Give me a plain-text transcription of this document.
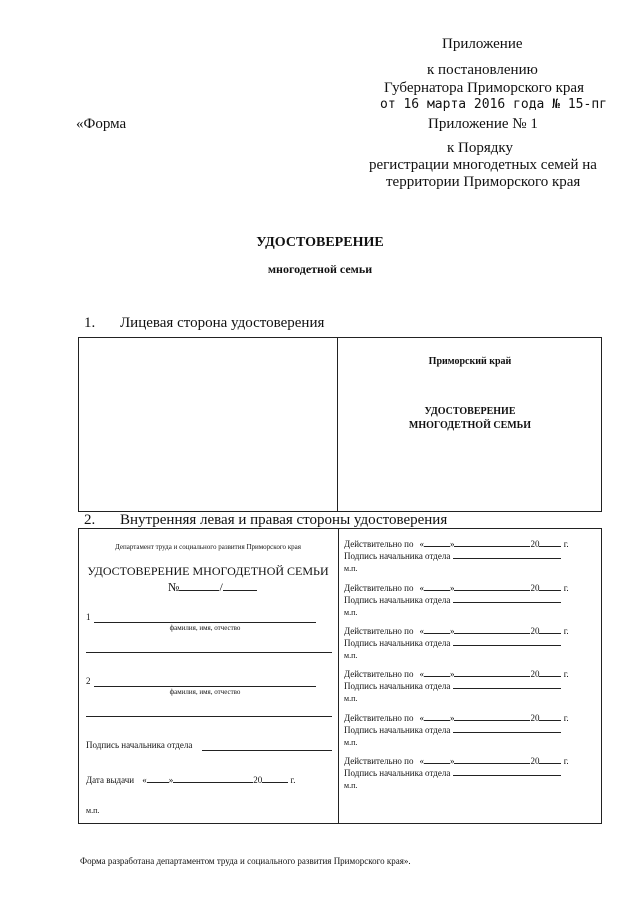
Приложение
к постановлению
Губернатора Приморского края
от 16 марта 2016 года № 15-пг
«Форма	Приложение № 1
к Порядку
регистрации многодетных семей на
территории Приморского края
УДОСТОВЕРЕНИЕ
многодетной семьи
1. Лицевая сторона удостоверения
Приморский край
УДОСТОВЕРЕНИЕ
МНОГОДЕТНОЙ СЕМЬИ
2. Внутренняя левая и правая стороны удостоверения
Департамент труда и социального развития Приморского края
УДОСТОВЕРЕНИЕ МНОГОДЕТНОЙ СЕМЬИ
№	/
1
фамилия, имя, отчество
2
фамилия, имя, отчество
Подпись начальника отдела
Дата выдачи « »	20	г.
м.п.
Действительно по «	»	20	г.
Подпись начальника отдела
м.п.
Действительно по «	»	20	г.
Подпись начальника отдела
м.п.
Действительно по «	»	20	г.
Подпись начальника отдела
м.п.
Действительно по «	»	20	г.
Подпись начальника отдела
м.п.
Действительно по «	»	20	г.
Подпись начальника отдела
м.п.
Действительно по «	»	20	г.
Подпись начальника отдела
м.п.
Форма разработана департаментом труда и социального развития Приморского края».
